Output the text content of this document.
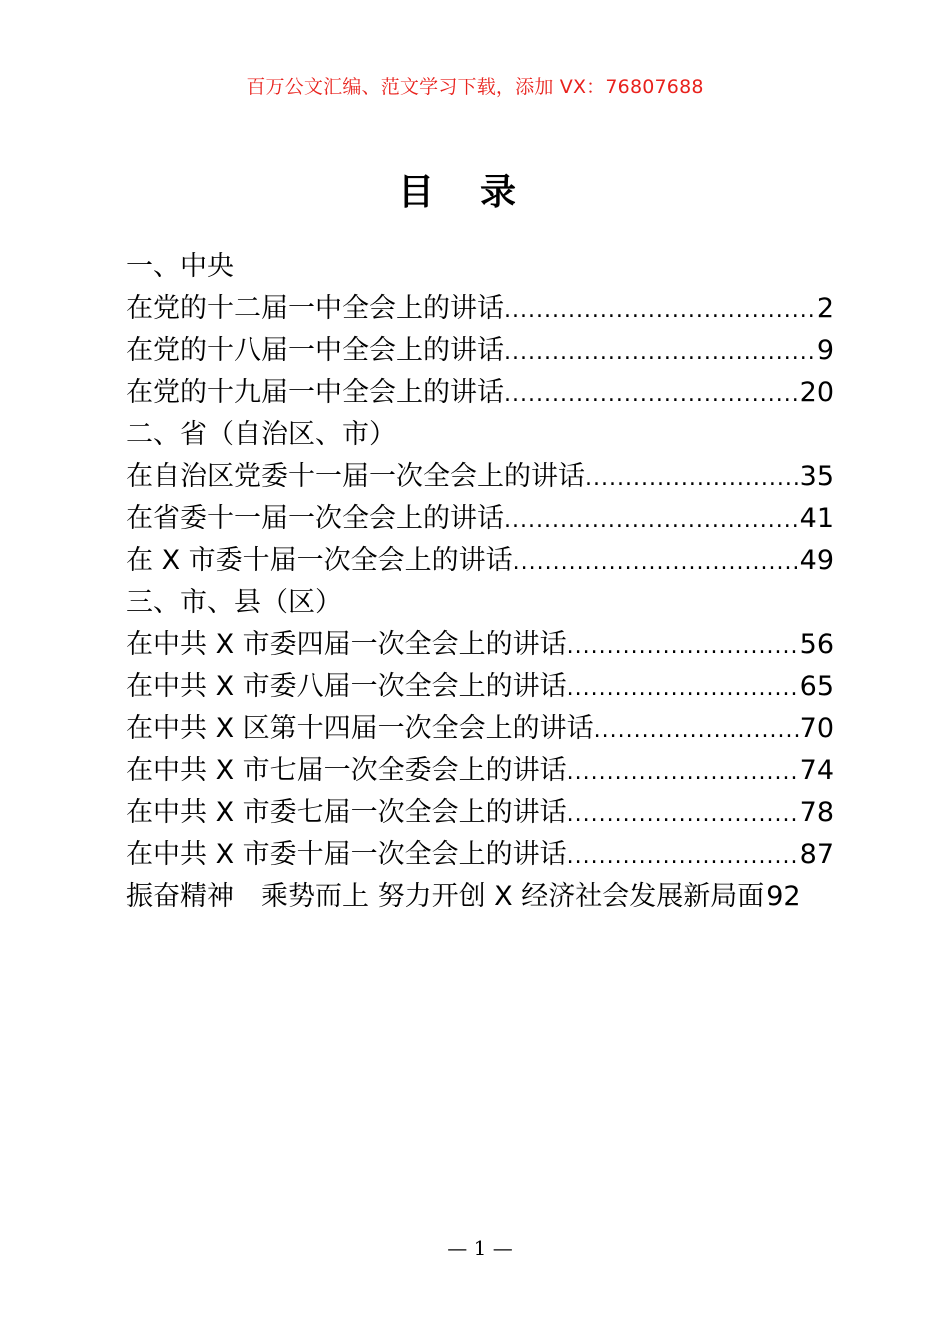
百万公文汇编、范文学习下载，添加 VX：76807688
目录
一、中央
在党的十二届一中全会上的讲话 .....	2
在党的十八届一中全会上的讲话 .....	9
在党的十九届一中全会上的讲话 .....	20
二、省（自治区、市）
在自治区党委十一届一次全会上的讲话 .....	35
在省委十一届一次全会上的讲话 .....	41
在 X 市委十届一次全会上的讲话 .....	49
三、市、县（区）
在中共 X 市委四届一次全会上的讲话 .....	56
在中共 X 市委八届一次全会上的讲话 .....	65
在中共 X 区第十四届一次全会上的讲话 .....	70
在中共 X 市七届一次全委会上的讲话 .....	74
在中共 X 市委七届一次全会上的讲话 .....	78
在中共 X 市委十届一次全会上的讲话 .....	87
振奋精神　乘势而上 努力开创 X 经济社会发展新局面 92
— 1 —
